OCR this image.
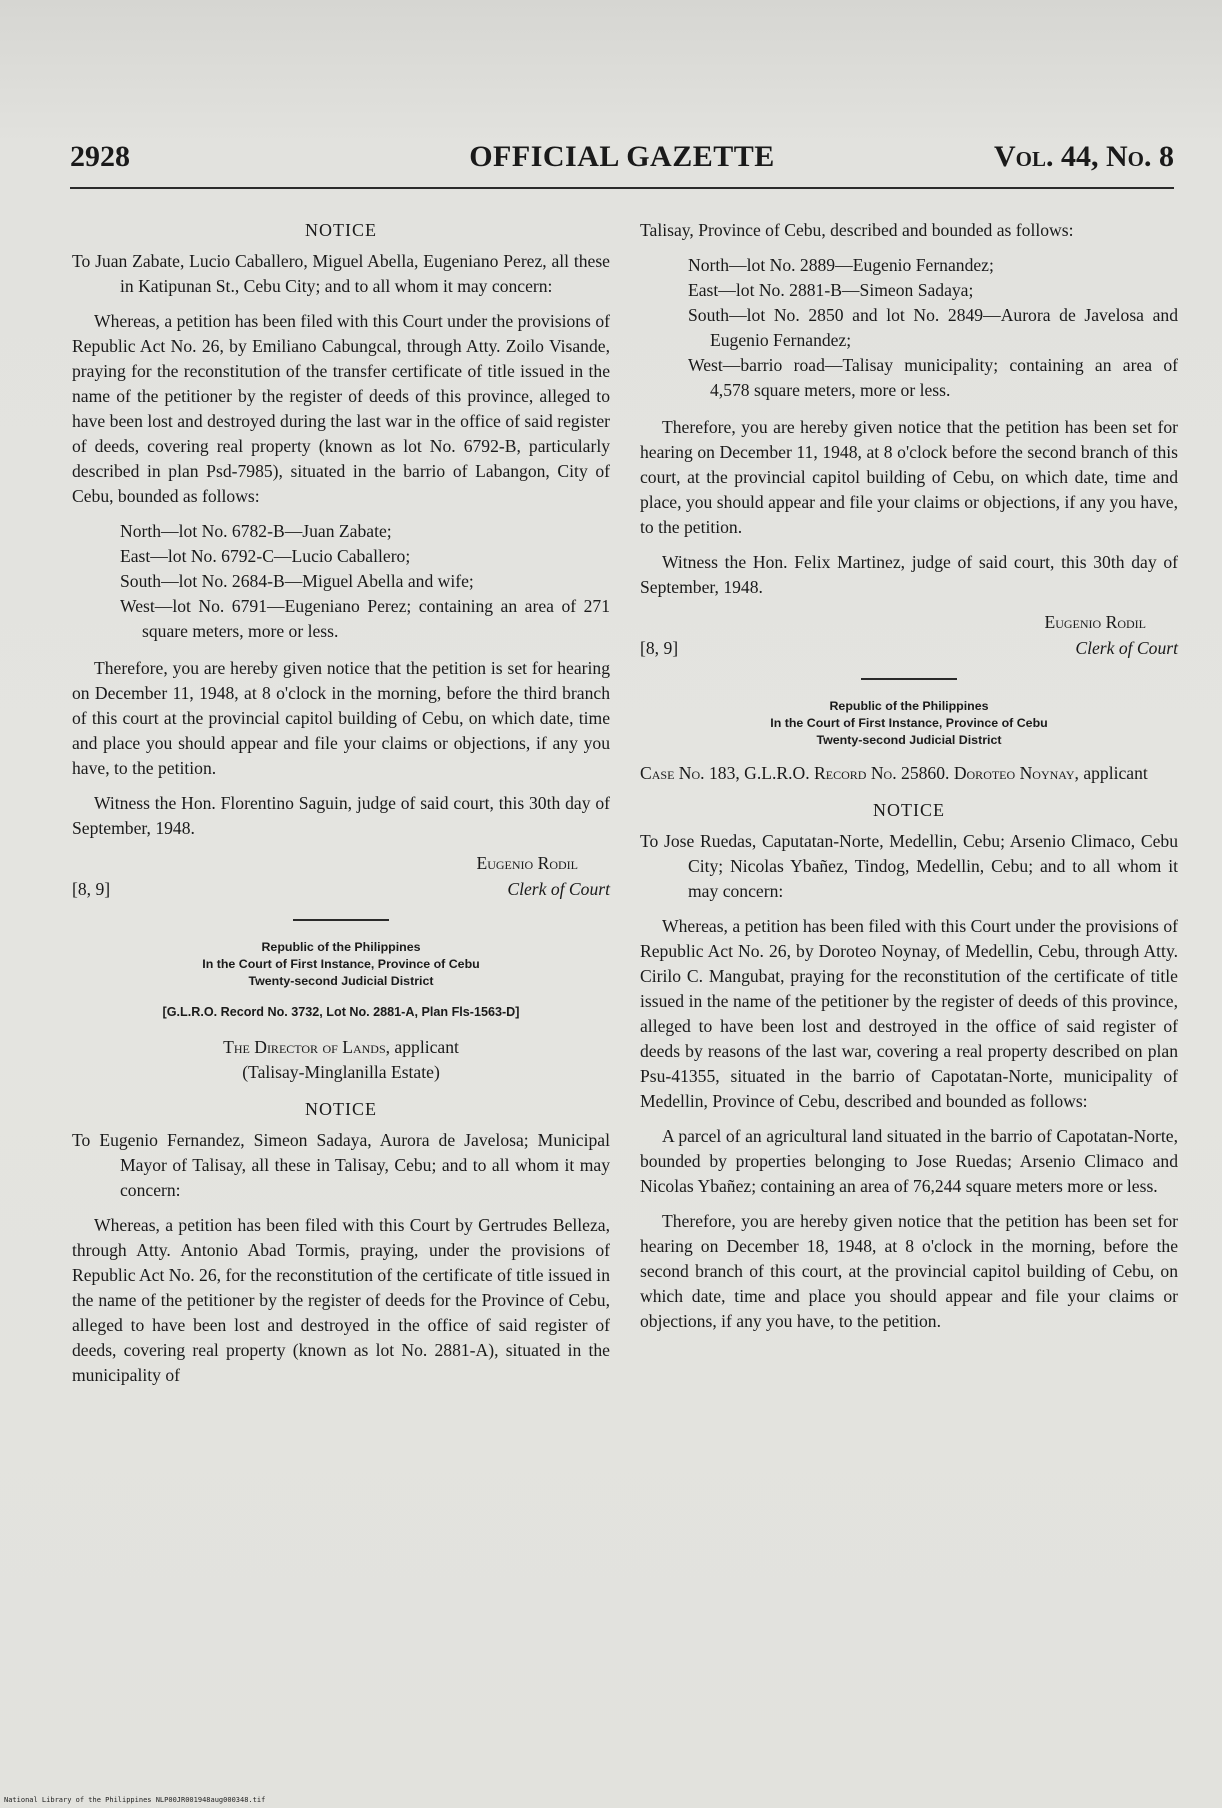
2928	OFFICIAL GAZETTE	Vol. 44, No. 8
NOTICE

To Juan Zabate, Lucio Caballero, Miguel Abella, Eugeniano Perez, all these in Katipunan St., Cebu City; and to all whom it may concern:

Whereas, a petition has been filed with this Court under the provisions of Republic Act No. 26, by Emiliano Cabungcal, through Atty. Zoilo Visande, praying for the reconstitution of the transfer certificate of title issued in the name of the petitioner by the register of deeds of this province, alleged to have been lost and destroyed during the last war in the office of said register of deeds, covering real property (known as lot No. 6792-B, particularly described in plan Psd-7985), situated in the barrio of Labangon, City of Cebu, bounded as follows:

North—lot No. 6782-B—Juan Zabate;
East—lot No. 6792-C—Lucio Caballero;
South—lot No. 2684-B—Miguel Abella and wife;
West—lot No. 6791—Eugeniano Perez; containing an area of 271 square meters, more or less.

Therefore, you are hereby given notice that the petition is set for hearing on December 11, 1948, at 8 o'clock in the morning, before the third branch of this court at the provincial capitol building of Cebu, on which date, time and place you should appear and file your claims or objections, if any you have, to the petition.

Witness the Hon. Florentino Saguin, judge of said court, this 30th day of September, 1948.

[8, 9]
Eugenio Rodil
Clerk of Court
Republic of the Philippines
In the Court of First Instance, Province of Cebu
Twenty-second Judicial District
[G.L.R.O. Record No. 3732, Lot No. 2881-A, Plan Fls-1563-D]
The Director of Lands, applicant
(Talisay-Minglanilla Estate)
NOTICE

To Eugenio Fernandez, Simeon Sadaya, Aurora de Javelosa; Municipal Mayor of Talisay, all these in Talisay, Cebu; and to all whom it may concern:

Whereas, a petition has been filed with this Court by Gertrudes Belleza, through Atty. Antonio Abad Tormis, praying, under the provisions of Republic Act No. 26, for the reconstitution of the certificate of title issued in the name of the petitioner by the register of deeds for the Province of Cebu, alleged to have been lost and destroyed in the office of said register of deeds, covering real property (known as lot No. 2881-A), situated in the municipality of

Talisay, Province of Cebu, described and bounded as follows:

North—lot No. 2889—Eugenio Fernandez;
East—lot No. 2881-B—Simeon Sadaya;
South—lot No. 2850 and lot No. 2849—Aurora de Javelosa and Eugenio Fernandez;
West—barrio road—Talisay municipality; containing an area of 4,578 square meters, more or less.

Therefore, you are hereby given notice that the petition has been set for hearing on December 11, 1948, at 8 o'clock before the second branch of this court, at the provincial capitol building of Cebu, on which date, time and place, you should appear and file your claims or objections, if any you have, to the petition.

Witness the Hon. Felix Martinez, judge of said court, this 30th day of September, 1948.

[8, 9]
Eugenio Rodil
Clerk of Court
Republic of the Philippines
In the Court of First Instance, Province of Cebu
Twenty-second Judicial District

Case No. 183, G.L.R.O. Record No. 25860. Doroteo Noynay, applicant

NOTICE

To Jose Ruedas, Caputatan-Norte, Medellin, Cebu; Arsenio Climaco, Cebu City; Nicolas Ybañez, Tindog, Medellin, Cebu; and to all whom it may concern:

Whereas, a petition has been filed with this Court under the provisions of Republic Act No. 26, by Doroteo Noynay, of Medellin, Cebu, through Atty. Cirilo C. Mangubat, praying for the reconstitution of the certificate of title issued in the name of the petitioner by the register of deeds of this province, alleged to have been lost and destroyed in the office of said register of deeds by reasons of the last war, covering a real property described on plan Psu-41355, situated in the barrio of Capotatan-Norte, municipality of Medellin, Province of Cebu, described and bounded as follows:

A parcel of an agricultural land situated in the barrio of Capotatan-Norte, bounded by properties belonging to Jose Ruedas; Arsenio Climaco and Nicolas Ybañez; containing an area of 76,244 square meters more or less.

Therefore, you are hereby given notice that the petition has been set for hearing on December 18, 1948, at 8 o'clock in the morning, before the second branch of this court, at the provincial capitol building of Cebu, on which date, time and place you should appear and file your claims or objections, if any you have, to the petition.

National Library of the Philippines NLP00JR001948aug000348.tif
